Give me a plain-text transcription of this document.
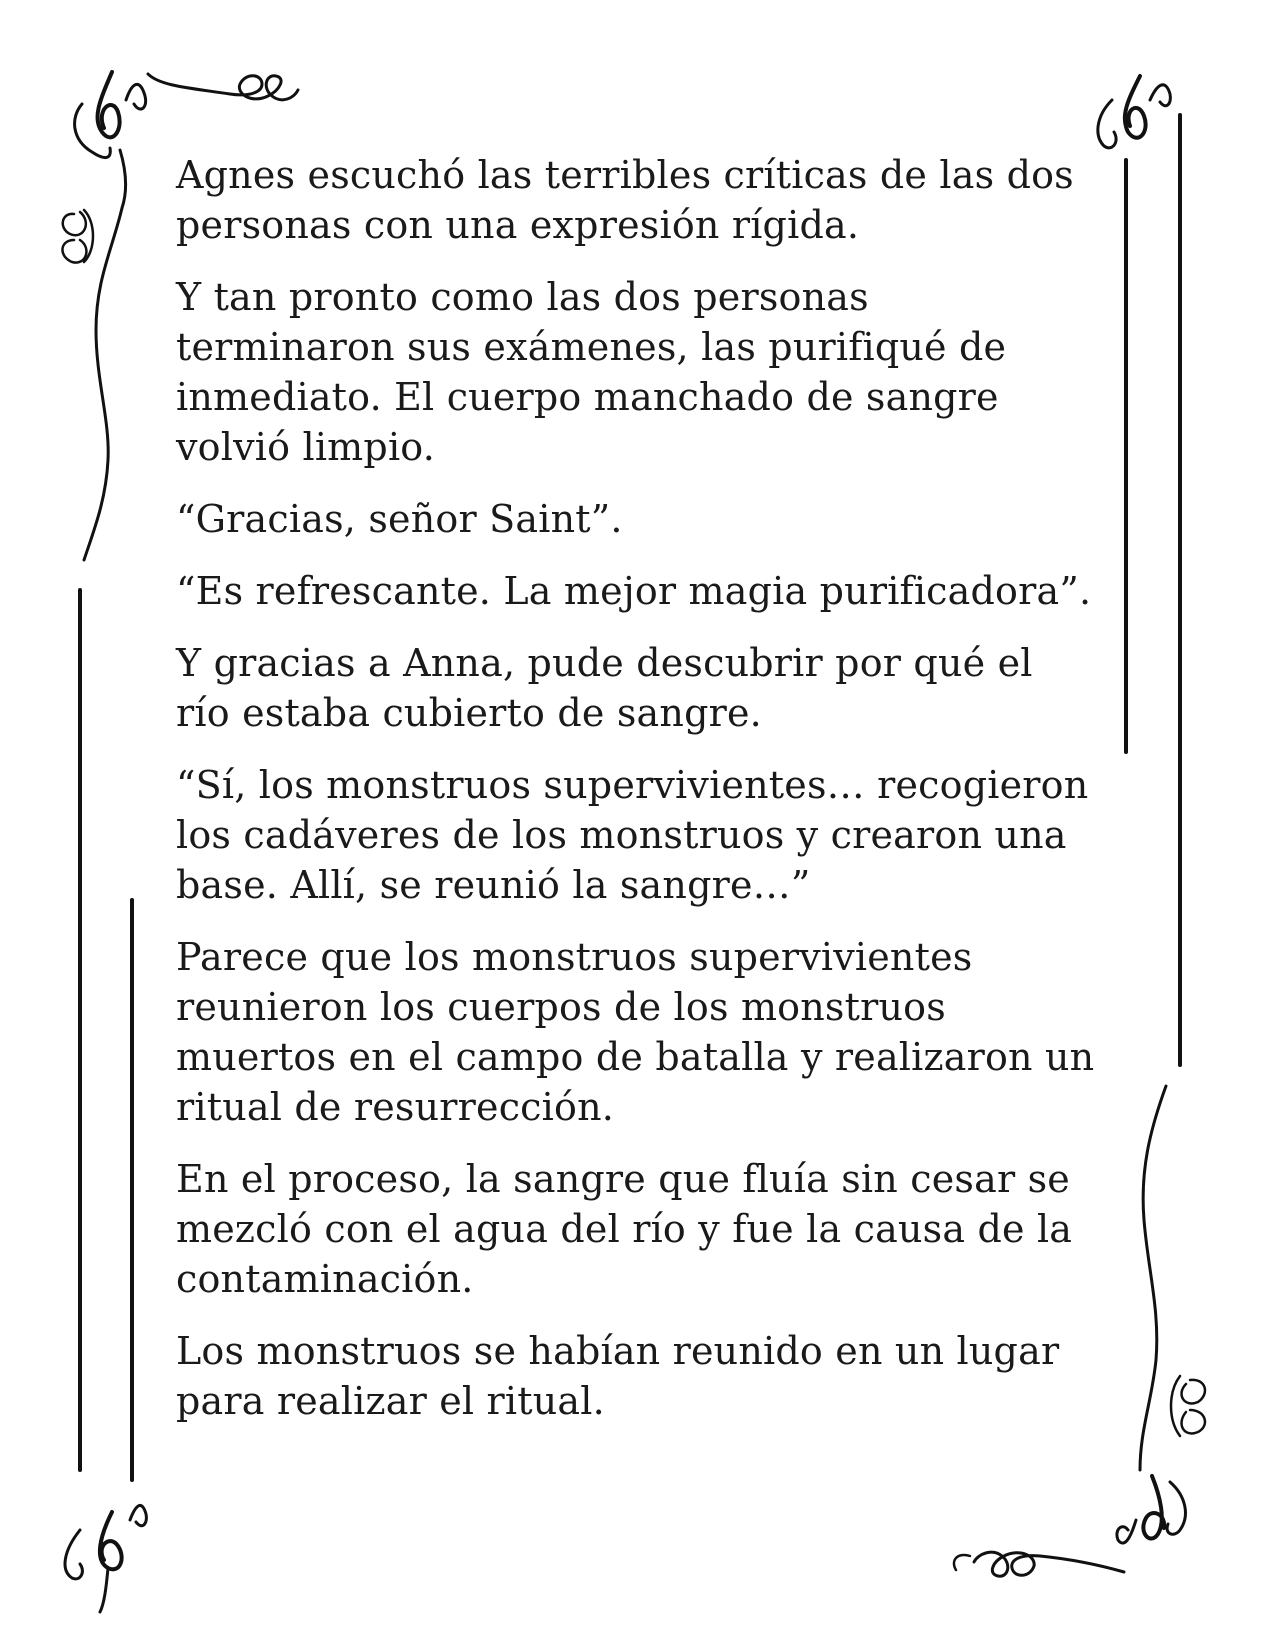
Agnes escuchó las terribles críticas de las dos personas con una expresión rígida.

Y tan pronto como las dos personas terminaron sus exámenes, las purifiqué de inmediato. El cuerpo manchado de sangre volvió limpio.

“Gracias, señor Saint”.

“Es refrescante. La mejor magia purificadora”.

Y gracias a Anna, pude descubrir por qué el río estaba cubierto de sangre.

“Sí, los monstruos supervivientes… recogieron los cadáveres de los monstruos y crearon una base. Allí, se reunió la sangre…”

Parece que los monstruos supervivientes reunieron los cuerpos de los monstruos muertos en el campo de batalla y realizaron un ritual de resurrección.

En el proceso, la sangre que fluía sin cesar se mezcló con el agua del río y fue la causa de la contaminación.

Los monstruos se habían reunido en un lugar para realizar el ritual.
